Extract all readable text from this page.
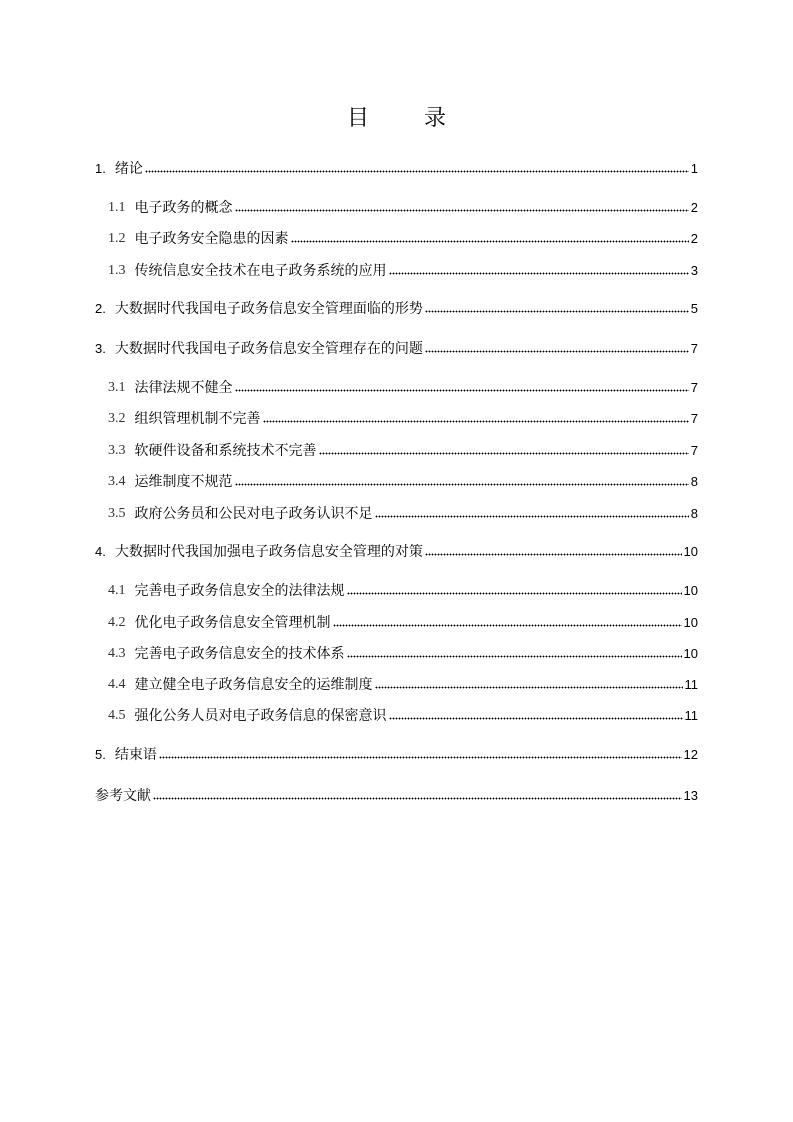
目 录
1. 绪论	1
1.1 电子政务的概念	2
1.2 电子政务安全隐患的因素	2
1.3 传统信息安全技术在电子政务系统的应用	3
2. 大数据时代我国电子政务信息安全管理面临的形势	5
3. 大数据时代我国电子政务信息安全管理存在的问题	7
3.1 法律法规不健全	7
3.2 组织管理机制不完善	7
3.3 软硬件设备和系统技术不完善	7
3.4 运维制度不规范	8
3.5 政府公务员和公民对电子政务认识不足	8
4. 大数据时代我国加强电子政务信息安全管理的对策	10
4.1 完善电子政务信息安全的法律法规	10
4.2 优化电子政务信息安全管理机制	10
4.3 完善电子政务信息安全的技术体系	10
4.4 建立健全电子政务信息安全的运维制度	11
4.5 强化公务人员对电子政务信息的保密意识	11
5. 结束语	12
参考文献	13
